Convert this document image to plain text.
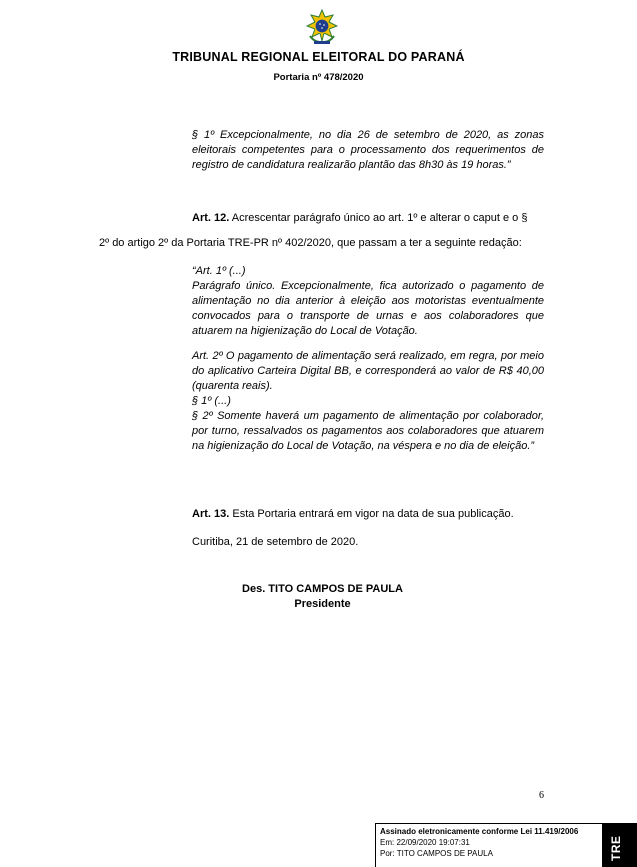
TRIBUNAL REGIONAL ELEITORAL DO PARANÁ
Portaria nº 478/2020

§ 1º Excepcionalmente, no dia 26 de setembro de 2020, as zonas eleitorais competentes para o processamento dos requerimentos de registro de candidatura realizarão plantão das 8h30 às 19 horas.”

Art. 12. Acrescentar parágrafo único ao art. 1º e alterar o caput e o §
2º do artigo 2º da Portaria TRE-PR nº 402/2020, que passam a ter a seguinte redação:

“Art. 1º (...)

Parágrafo único. Excepcionalmente, fica autorizado o pagamento de alimentação no dia anterior à eleição aos motoristas eventualmente convocados para o transporte de urnas e aos colaboradores que atuarem na higienização do Local de Votação.

Art. 2º O pagamento de alimentação será realizado, em regra, por meio do aplicativo Carteira Digital BB, e corresponderá ao valor de R$ 40,00 (quarenta reais).

§ 1º (...)

§ 2º Somente haverá um pagamento de alimentação por colaborador, por turno, ressalvados os pagamentos aos colaboradores que atuarem na higienização do Local de Votação, na véspera e no dia de eleição.”

Art. 13. Esta Portaria entrará em vigor na data de sua publicação.
Curitiba, 21 de setembro de 2020.
Des. TITO CAMPOS DE PAULA
Presidente
6
Assinado eletronicamente conforme Lei 11.419/2006
Em: 22/09/2020 19:07:31
Por: TITO CAMPOS DE PAULA	TRE
